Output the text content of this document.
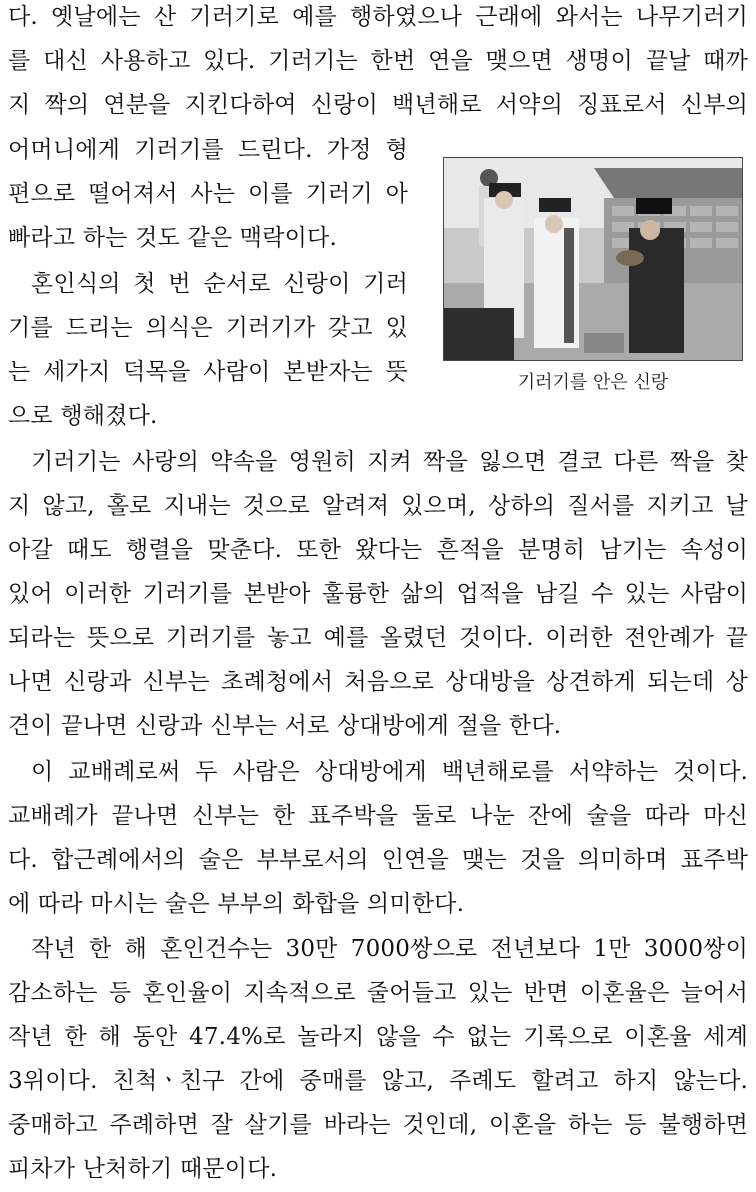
다. 옛날에는 산 기러기로 예를 행하였으나 근래에 와서는 나무기러기
를 대신 사용하고 있다. 기러기는 한번 연을 맺으면 생명이 끝날 때까
지 짝의 연분을 지킨다하여 신랑이 백년해로 서약의 징표로서 신부의
어머니에게 기러기를 드린다. 가정 형
편으로 떨어져서 사는 이를 기러기 아
빠라고 하는 것도 같은 맥락이다.
혼인식의 첫 번 순서로 신랑이 기러
기를 드리는 의식은 기러기가 갖고 있
는 세가지 덕목을 사람이 본받자는 뜻
으로 행해졌다.
기러기는 사랑의 약속을 영원히 지켜 짝을 잃으면 결코 다른 짝을 찾
지 않고, 홀로 지내는 것으로 알려져 있으며, 상하의 질서를 지키고 날
아갈 때도 행렬을 맞춘다. 또한 왔다는 흔적을 분명히 남기는 속성이
있어 이러한 기러기를 본받아 훌륭한 삶의 업적을 남길 수 있는 사람이
되라는 뜻으로 기러기를 놓고 예를 올렸던 것이다. 이러한 전안례가 끝
나면 신랑과 신부는 초례청에서 처음으로 상대방을 상견하게 되는데 상
견이 끝나면 신랑과 신부는 서로 상대방에게 절을 한다.
이 교배례로써 두 사람은 상대방에게 백년해로를 서약하는 것이다.
교배례가 끝나면 신부는 한 표주박을 둘로 나눈 잔에 술을 따라 마신
다. 합근례에서의 술은 부부로서의 인연을 맺는 것을 의미하며 표주박
에 따라 마시는 술은 부부의 화합을 의미한다.
작년 한 해 혼인건수는 30만 7000쌍으로 전년보다 1만 3000쌍이
감소하는 등 혼인율이 지속적으로 줄어들고 있는 반면 이혼율은 늘어서
작년 한 해 동안 47.4%로 놀라지 않을 수 없는 기록으로 이혼율 세계
3위이다. 친척ㆍ친구 간에 중매를 않고, 주례도 할려고 하지 않는다.
중매하고 주례하면 잘 살기를 바라는 것인데, 이혼을 하는 등 불행하면
피차가 난처하기 때문이다.
기러기를 안은 신랑
